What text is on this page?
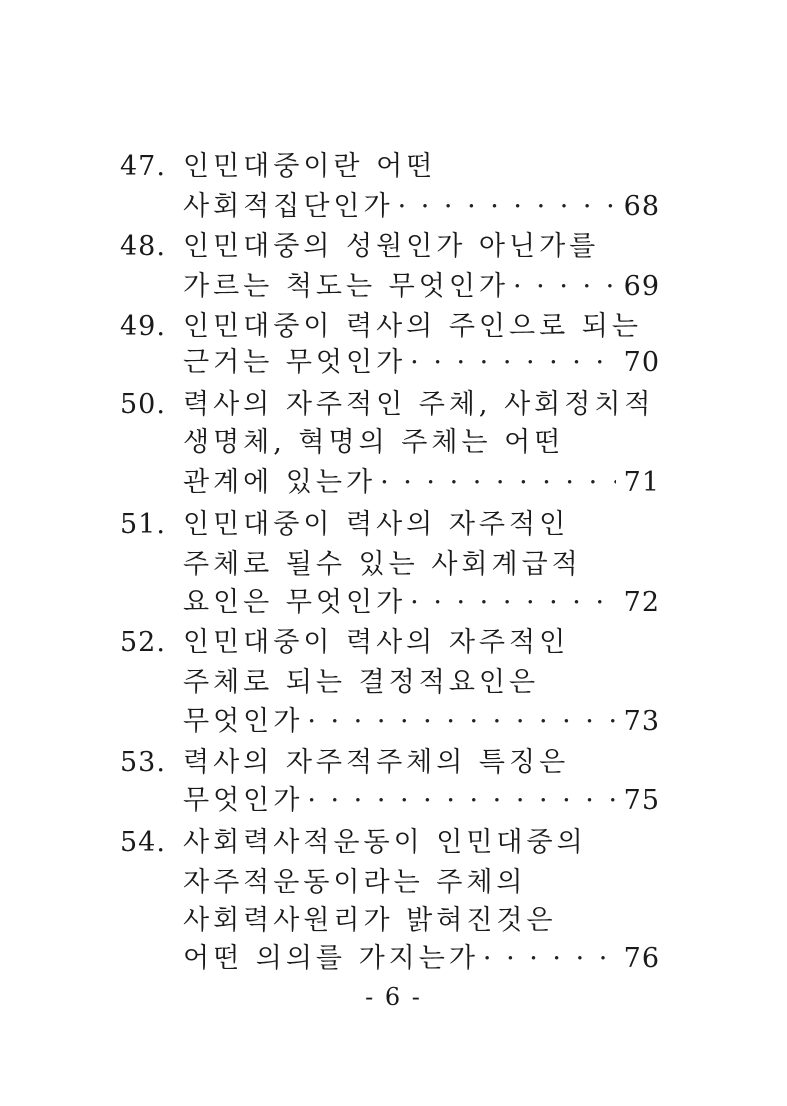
47. 인민대중이란 어떤
사회적집단인가 · · ·	68
48. 인민대중의 성원인가 아닌가를
가르는 척도는 무엇인가 · · ·	69
49. 인민대중이 력사의 주인으로 되는
근거는 무엇인가 · · ·	70
50. 력사의 자주적인 주체, 사회정치적
생명체, 혁명의 주체는 어떤
관계에 있는가 · · ·	71
51. 인민대중이 력사의 자주적인
주체로 될수 있는 사회계급적
요인은 무엇인가 · · ·	72
52. 인민대중이 력사의 자주적인
주체로 되는 결정적요인은
무엇인가 · · ·	73
53. 력사의 자주적주체의 특징은
무엇인가 · · ·	75
54. 사회력사적운동이 인민대중의
자주적운동이라는 주체의
사회력사원리가 밝혀진것은
어떤 의의를 가지는가 · · ·	76
- 6 -
